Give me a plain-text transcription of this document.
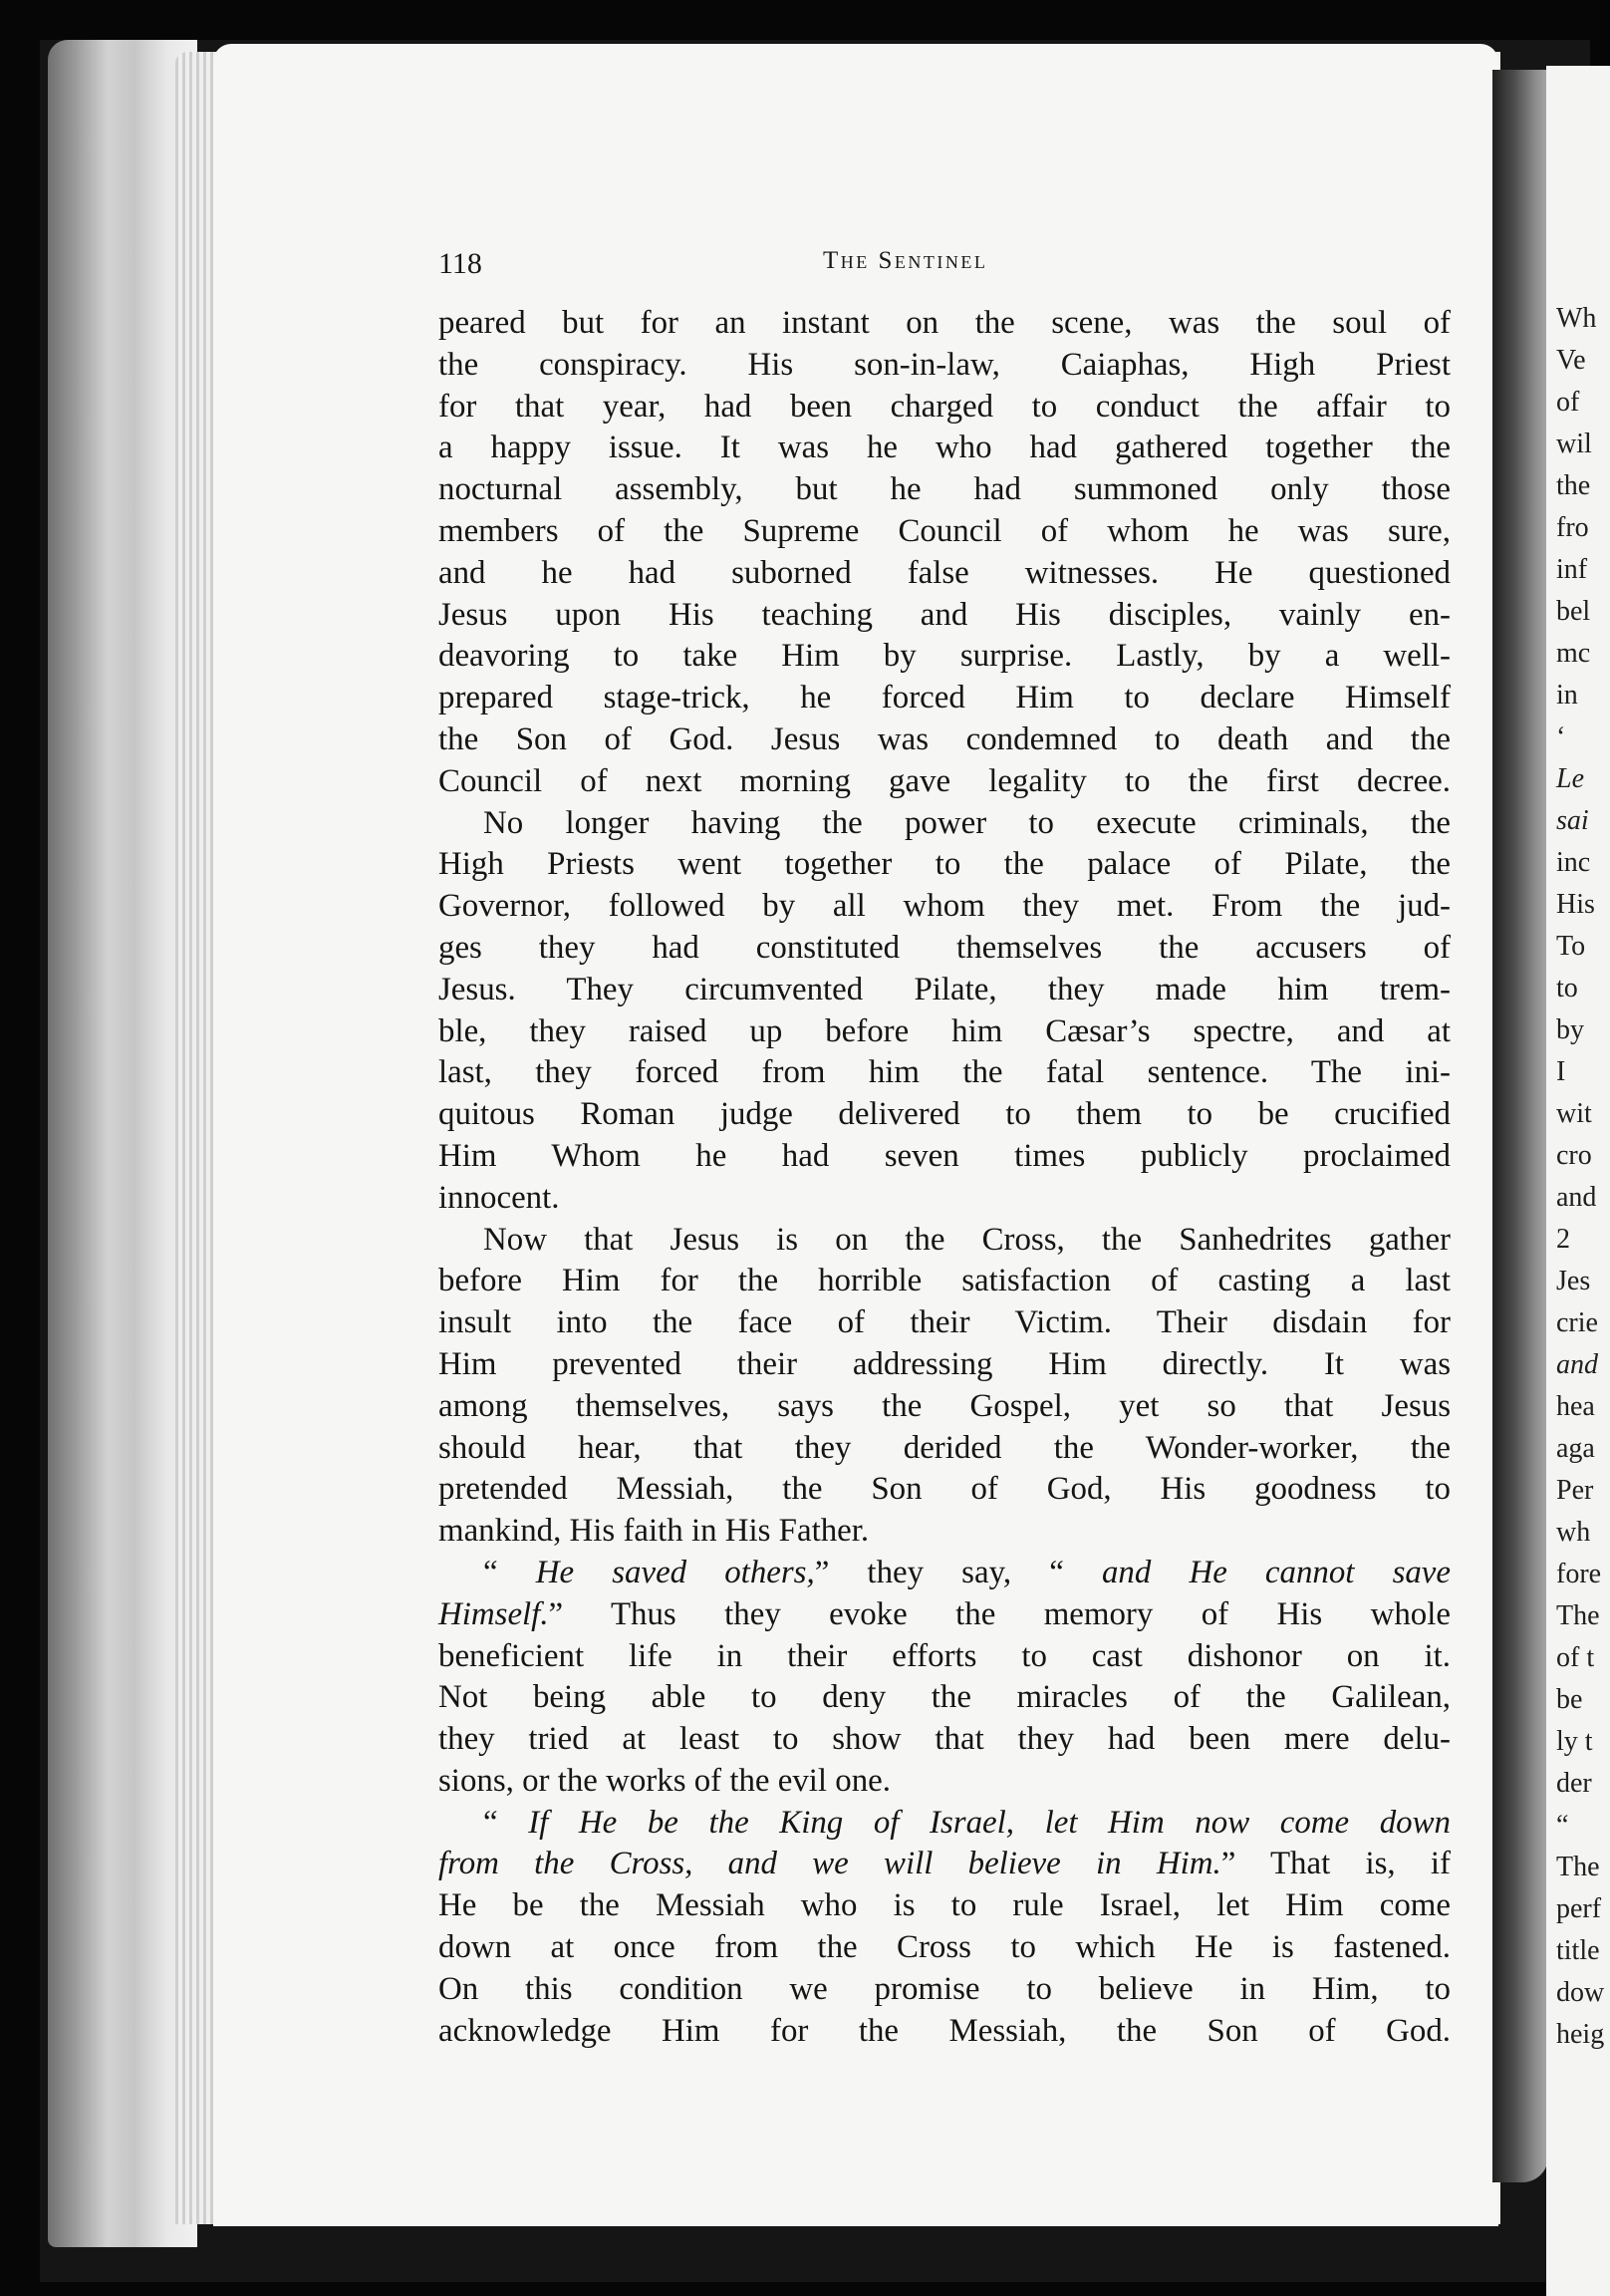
Wh
Ve
of
wil
the
fro
inf
bel
mc
in
‘
Le
sai
inc
His
To
to
by
I
wit
cro
and
2
Jes
crie
and
hea
aga
Per
wh
fore
The
of t
be
ly t
der
“
The
perf
title
dow
heig
118	The Sentinel
peared but for an instant on the scene, was the soul of
the conspiracy. His son-in-law, Caiaphas, High Priest
for that year, had been charged to conduct the affair to
a happy issue. It was he who had gathered together the
nocturnal assembly, but he had summoned only those
members of the Supreme Council of whom he was sure,
and he had suborned false witnesses. He questioned
Jesus upon His teaching and His disciples, vainly en-
deavoring to take Him by surprise. Lastly, by a well-
prepared stage-trick, he forced Him to declare Himself
the Son of God. Jesus was condemned to death and the
Council of next morning gave legality to the first decree.
No longer having the power to execute criminals, the
High Priests went together to the palace of Pilate, the
Governor, followed by all whom they met. From the jud-
ges they had constituted themselves the accusers of
Jesus. They circumvented Pilate, they made him trem-
ble, they raised up before him Cæsar’s spectre, and at
last, they forced from him the fatal sentence. The ini-
quitous Roman judge delivered to them to be crucified
Him Whom he had seven times publicly proclaimed
innocent.
Now that Jesus is on the Cross, the Sanhedrites gather
before Him for the horrible satisfaction of casting a last
insult into the face of their Victim. Their disdain for
Him prevented their addressing Him directly. It was
among themselves, says the Gospel, yet so that Jesus
should hear, that they derided the Wonder-worker, the
pretended Messiah, the Son of God, His goodness to
mankind, His faith in His Father.
“ He saved others,” they say, “ and He cannot save
Himself.” Thus they evoke the memory of His whole
beneficient life in their efforts to cast dishonor on it.
Not being able to deny the miracles of the Galilean,
they tried at least to show that they had been mere delu-
sions, or the works of the evil one.
“ If He be the King of Israel, let Him now come down
from the Cross, and we will believe in Him.” That is, if
He be the Messiah who is to rule Israel, let Him come
down at once from the Cross to which He is fastened.
On this condition we promise to believe in Him, to
acknowledge Him for the Messiah, the Son of God.
